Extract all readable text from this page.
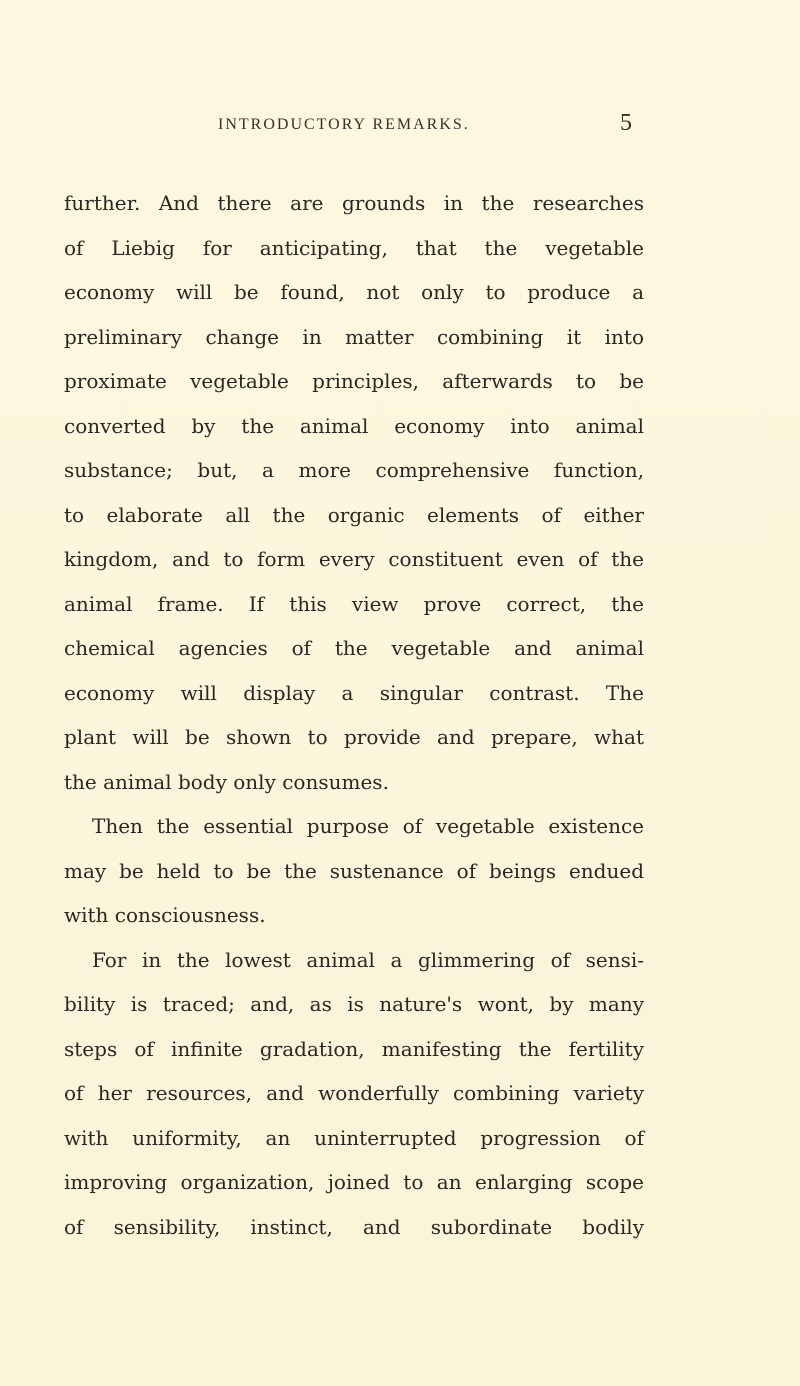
INTRODUCTORY REMARKS.	5
further. And there are grounds in the researches
of Liebig for anticipating, that the vegetable
economy will be found, not only to produce a
preliminary change in matter combining it into
proximate vegetable principles, afterwards to be
converted by the animal economy into animal
substance; but, a more comprehensive function,
to elaborate all the organic elements of either
kingdom, and to form every constituent even of the
animal frame. If this view prove correct, the
chemical agencies of the vegetable and animal
economy will display a singular contrast. The
plant will be shown to provide and prepare, what
the animal body only consumes.
Then the essential purpose of vegetable existence
may be held to be the sustenance of beings endued
with consciousness.
For in the lowest animal a glimmering of sensi-
bility is traced; and, as is nature's wont, by many
steps of infinite gradation, manifesting the fertility
of her resources, and wonderfully combining variety
with uniformity, an uninterrupted progression of
improving organization, joined to an enlarging scope
of sensibility, instinct, and subordinate bodily
